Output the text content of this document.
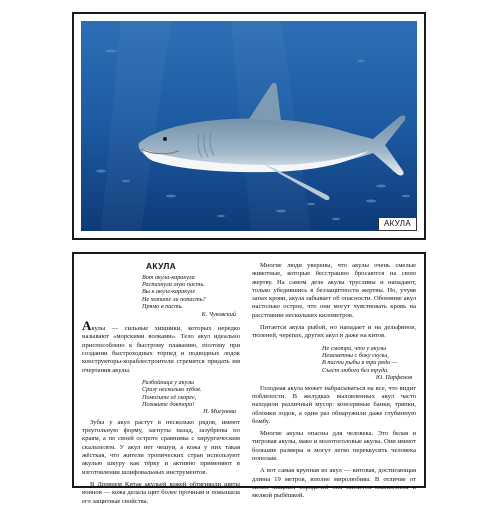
АКУЛА
АКУЛА
Вот акула-каракула
Распахнула злую пасть.
Вы к акуле-каракуле
Не хотите ли попасть?
Прямо в пасть.
К. Чуковский

Акулы — сильные хищники, которых нередко называют «морскими волками». Тело акул идеально приспособлено к быстрому плаванию, поэтому при создании быстроходных торпед и подводных лодок конструкторы-кораблестроители стремятся придать им очертания акулы.

Разбойница у акулы
Сразу несколько зубов.
Помогите её скорее,
Позовите доктора!
Н. Мигунова

Зубы у акул растут в несколько рядов, имеют треугольную форму, загнуты назад, зазубрены по краям, а по своей остроте сравнимы с хирургическим скальпелем. У акул нет чешуи, а кожа у них такая жёсткая, что жители тропических стран используют акулью шкуру как тёрку и активно применяют в изготовлении шлифовальных инструментов.

В Древнем Китае акульей кожей обтягивали щиты воинов — кожа делала щит более прочным и повышала его защитные свойства.

Многие люди уверены, что акулы очень смелые животные, которые бесстрашно бросаются на свою жертву. На самом деле акулы трусливы и нападают, только убедившись в беззащитности жертвы. Но, учуяв запах крови, акула забывает об опасности. Обоняние акул настолько острое, что они могут чувствовать кровь на расстоянии нескольких километров.

Питается акула рыбой, но нападает и на дельфинов, тюленей, черепах, других акул и даже на китов.

Не смотри, что у акулы
Незаметны с боку скулы,
В пасти рыбы в три ряда —
Съест любого без труда.
Ю. Парфенов

Голодная акула может набрасываться на все, что видит поблизости. В желудках выловленных акул часто находили различный мусор: консервные банки, тряпки, обломки лодок, а один раз обнаружили даже глубинную бомбу.

Многие акулы опасны для человека. Это белая и тигровая акулы, мако и молотоголовые акулы. Они имеют большие размеры и могут легко переккусить человека пополам.

А вот самая крупная из акул — китовая, достигающая длины 19 метров, вполне миролюбива. В отличие от своих хищных сородичей она питается планктоном и мелкой рыбёшкой.
